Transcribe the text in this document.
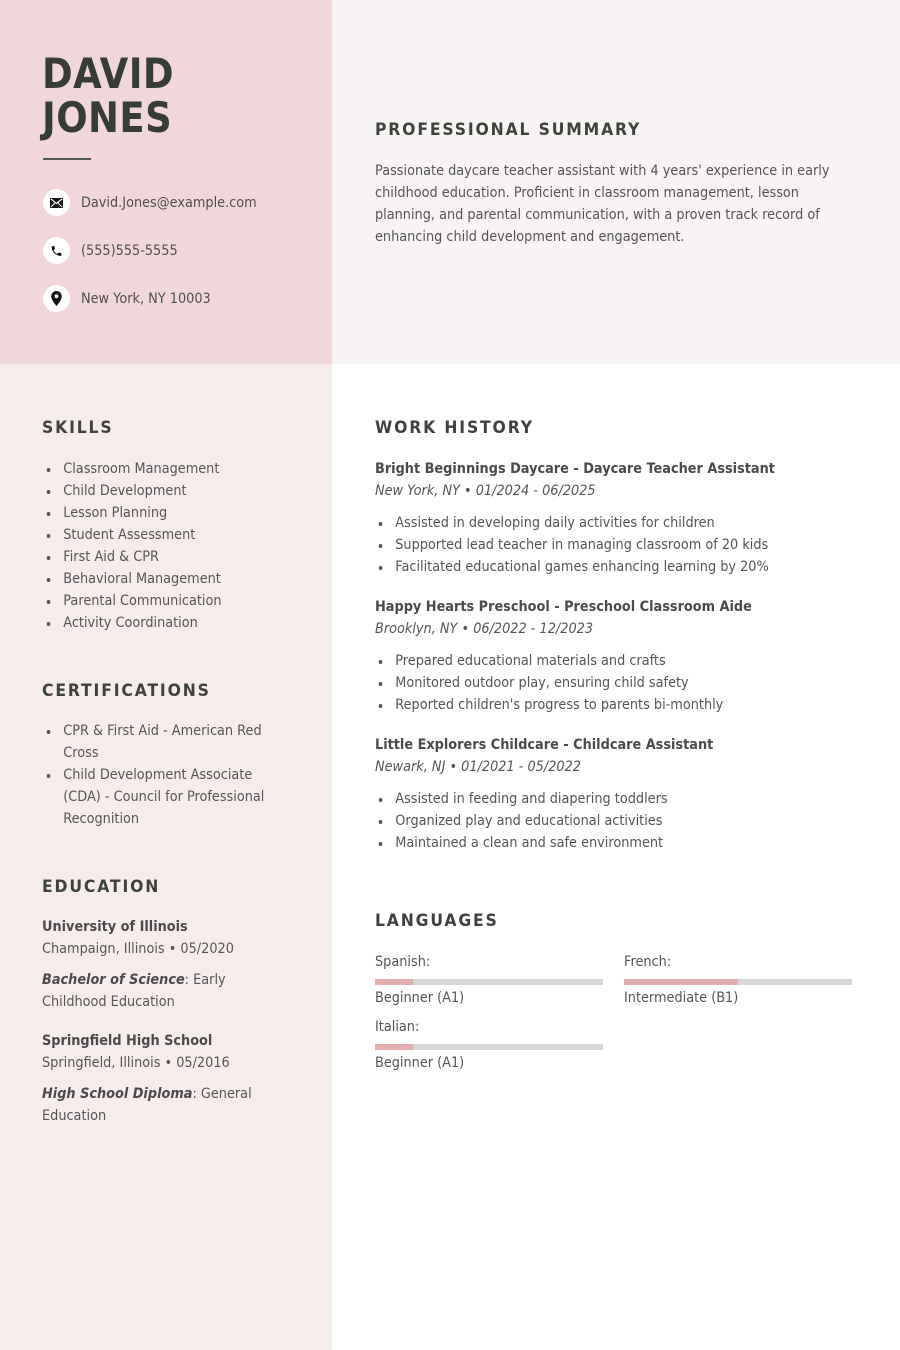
DAVID
JONES
David.Jones@example.com
(555)555-5555
New York, NY 10003
PROFESSIONAL SUMMARY
Passionate daycare teacher assistant with 4 years' experience in early childhood education. Proficient in classroom management, lesson planning, and parental communication, with a proven track record of enhancing child development and engagement.
SKILLS
Classroom Management
Child Development
Lesson Planning
Student Assessment
First Aid & CPR
Behavioral Management
Parental Communication
Activity Coordination
CERTIFICATIONS
CPR & First Aid - American Red Cross
Child Development Associate (CDA) - Council for Professional Recognition
EDUCATION
University of Illinois
Champaign, Illinois • 05/2020
Bachelor of Science: Early Childhood Education
Springfield High School
Springfield, Illinois • 05/2016
High School Diploma: General Education
WORK HISTORY
Bright Beginnings Daycare - Daycare Teacher Assistant
New York, NY • 01/2024 - 06/2025
Assisted in developing daily activities for children
Supported lead teacher in managing classroom of 20 kids
Facilitated educational games enhancing learning by 20%
Happy Hearts Preschool - Preschool Classroom Aide
Brooklyn, NY • 06/2022 - 12/2023
Prepared educational materials and crafts
Monitored outdoor play, ensuring child safety
Reported children's progress to parents bi-monthly
Little Explorers Childcare - Childcare Assistant
Newark, NJ • 01/2021 - 05/2022
Assisted in feeding and diapering toddlers
Organized play and educational activities
Maintained a clean and safe environment
LANGUAGES
Spanish:
Beginner (A1)
French:
Intermediate (B1)
Italian:
Beginner (A1)
